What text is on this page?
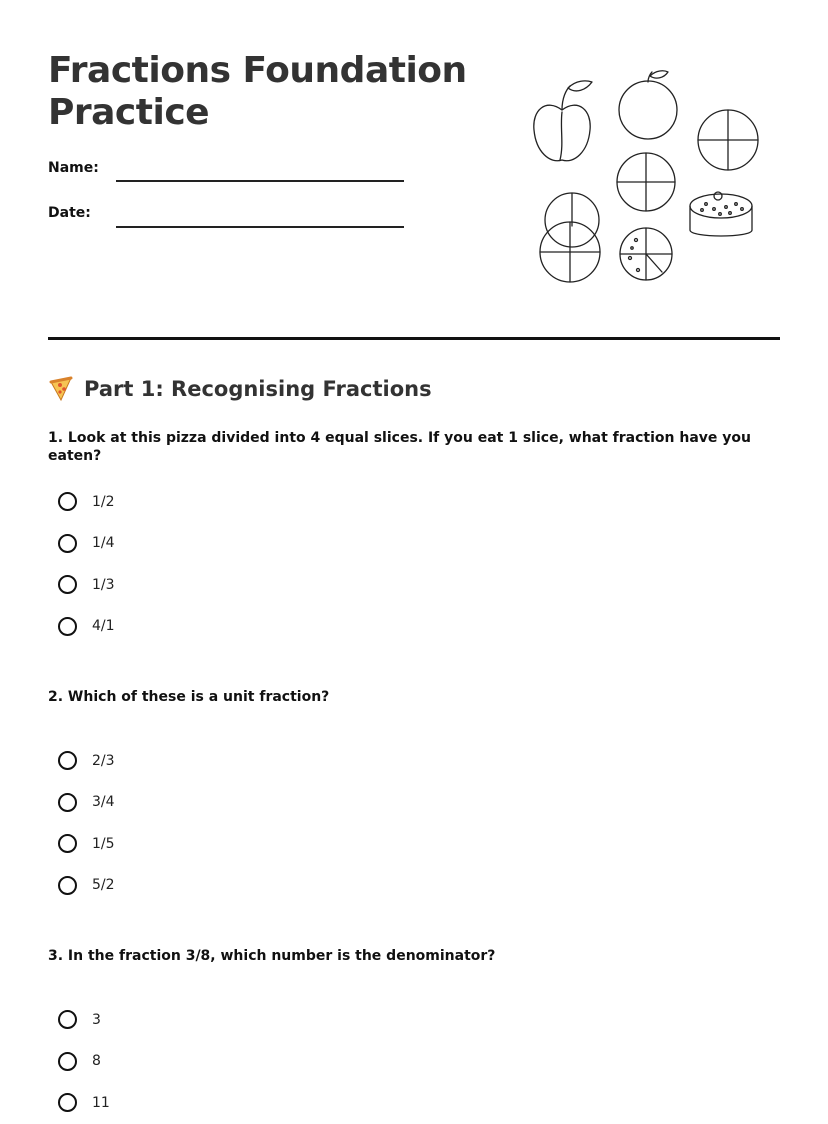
Fractions Foundation Practice
Name:
Date:
Part 1: Recognising Fractions

1. Look at this pizza divided into 4 equal slices. If you eat 1 slice, what fraction have you eaten?

1/2
1/4
1/3
4/1

2. Which of these is a unit fraction?

2/3
3/4
1/5
5/2

3. In the fraction 3/8, which number is the denominator?

3
8
11
